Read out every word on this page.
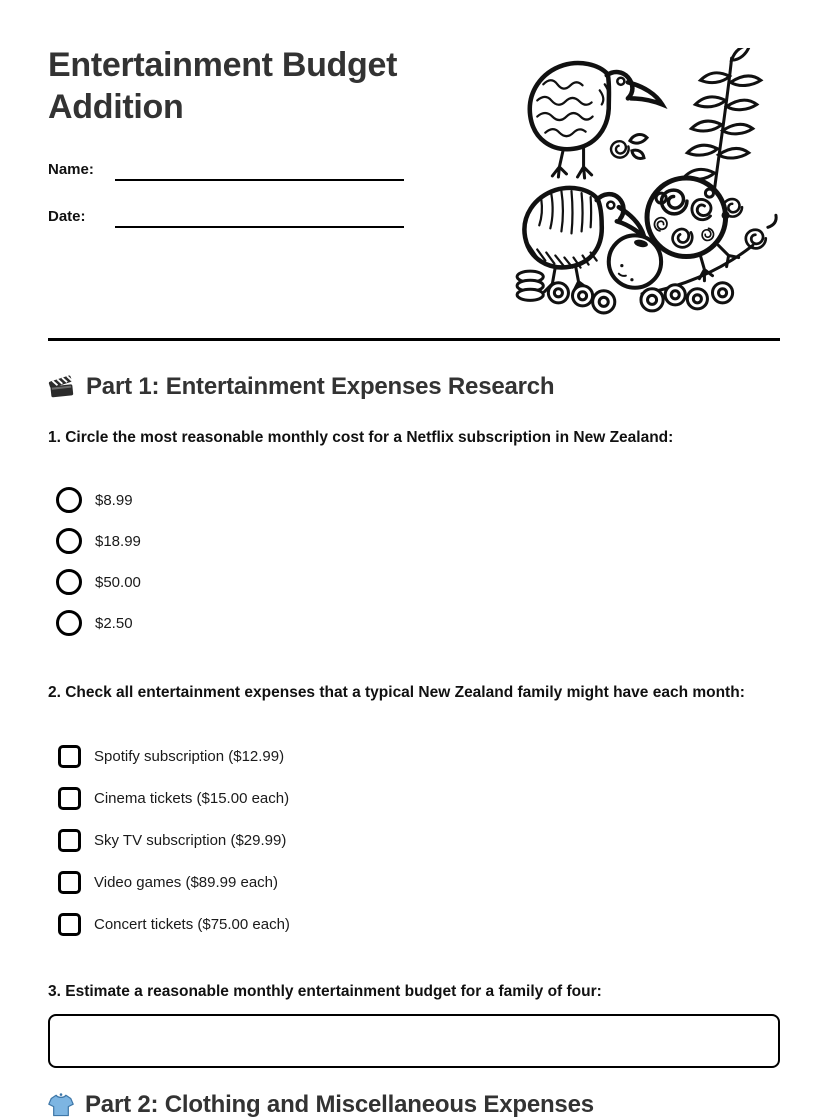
Entertainment Budget Addition
Name:
Date:
Part 1: Entertainment Expenses Research
1. Circle the most reasonable monthly cost for a Netflix subscription in New Zealand:
$8.99
$18.99
$50.00
$2.50
2. Check all entertainment expenses that a typical New Zealand family might have each month:
Spotify subscription ($12.99)
Cinema tickets ($15.00 each)
Sky TV subscription ($29.99)
Video games ($89.99 each)
Concert tickets ($75.00 each)
3. Estimate a reasonable monthly entertainment budget for a family of four:
Part 2: Clothing and Miscellaneous Expenses
